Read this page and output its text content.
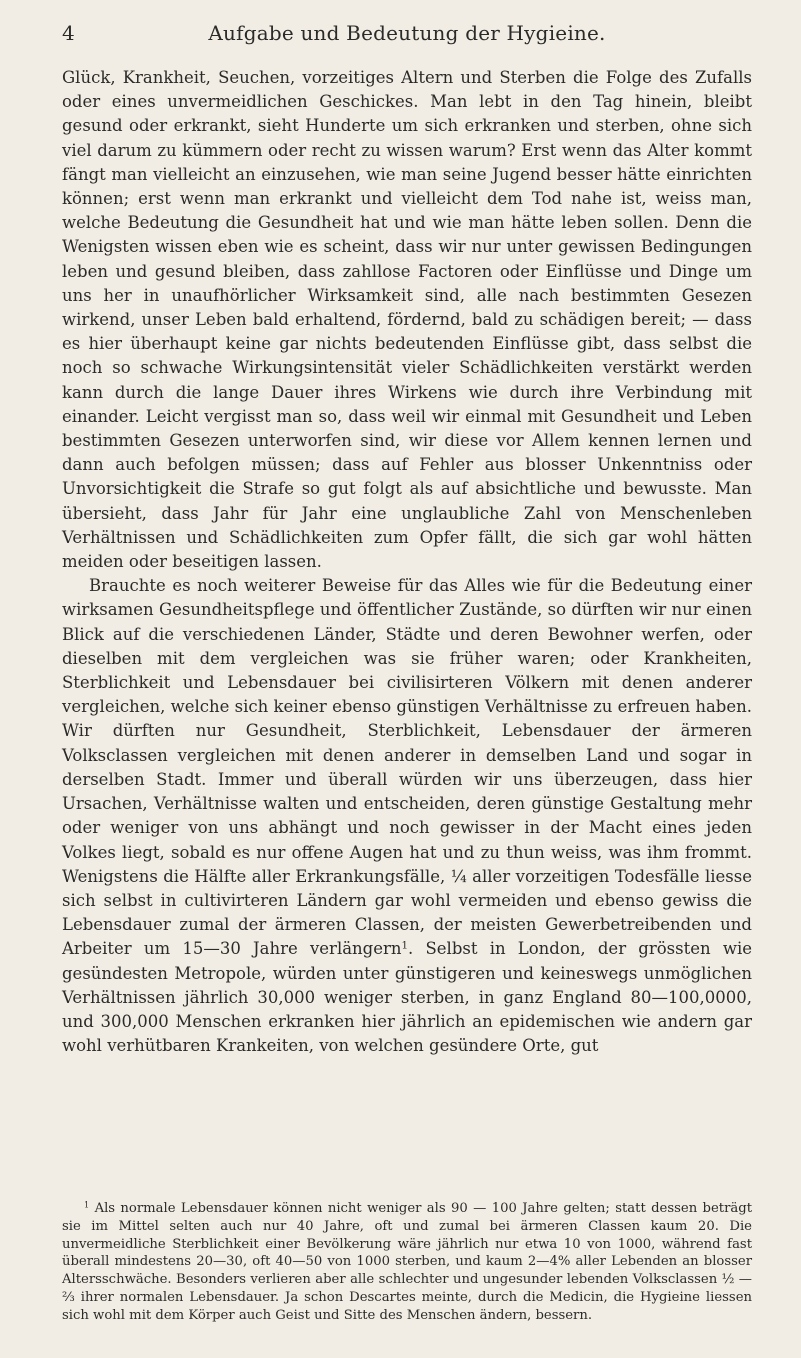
4	Aufgabe und Bedeutung der Hygieine.

Glück, Krankheit, Seuchen, vorzeitiges Altern und Sterben die Folge des Zufalls oder eines unvermeidlichen Geschickes. Man lebt in den Tag hinein, bleibt gesund oder erkrankt, sieht Hunderte um sich erkranken und sterben, ohne sich viel darum zu kümmern oder recht zu wissen warum? Erst wenn das Alter kommt fängt man vielleicht an einzusehen, wie man seine Jugend besser hätte einrichten können; erst wenn man erkrankt und vielleicht dem Tod nahe ist, weiss man, welche Bedeutung die Gesundheit hat und wie man hätte leben sollen. Denn die Wenigsten wissen eben wie es scheint, dass wir nur unter gewissen Bedingungen leben und gesund bleiben, dass zahllose Factoren oder Einflüsse und Dinge um uns her in unaufhörlicher Wirksamkeit sind, alle nach bestimmten Gesezen wirkend, unser Leben bald erhaltend, fördernd, bald zu schädigen bereit; — dass es hier überhaupt keine gar nichts bedeutenden Einflüsse gibt, dass selbst die noch so schwache Wirkungsintensität vieler Schädlichkeiten verstärkt werden kann durch die lange Dauer ihres Wirkens wie durch ihre Verbindung mit einander. Leicht vergisst man so, dass weil wir einmal mit Gesundheit und Leben bestimmten Gesezen unterworfen sind, wir diese vor Allem kennen lernen und dann auch befolgen müssen; dass auf Fehler aus blosser Unkenntniss oder Unvorsichtigkeit die Strafe so gut folgt als auf absichtliche und bewusste. Man übersieht, dass Jahr für Jahr eine unglaubliche Zahl von Menschenleben Verhältnissen und Schädlichkeiten zum Opfer fällt, die sich gar wohl hätten meiden oder beseitigen lassen.

Brauchte es noch weiterer Beweise für das Alles wie für die Bedeutung einer wirksamen Gesundheitspflege und öffentlicher Zustände, so dürften wir nur einen Blick auf die verschiedenen Länder, Städte und deren Bewohner werfen, oder dieselben mit dem vergleichen was sie früher waren; oder Krankheiten, Sterblichkeit und Lebensdauer bei civilisirteren Völkern mit denen anderer vergleichen, welche sich keiner ebenso günstigen Verhältnisse zu erfreuen haben. Wir dürften nur Gesundheit, Sterblichkeit, Lebensdauer der ärmeren Volksclassen vergleichen mit denen anderer in demselben Land und sogar in derselben Stadt. Immer und überall würden wir uns überzeugen, dass hier Ursachen, Verhältnisse walten und entscheiden, deren günstige Gestaltung mehr oder weniger von uns abhängt und noch gewisser in der Macht eines jeden Volkes liegt, sobald es nur offene Augen hat und zu thun weiss, was ihm frommt. Wenigstens die Hälfte aller Erkrankungsfälle, ¼ aller vorzeitigen Todesfälle liesse sich selbst in cultivirteren Ländern gar wohl vermeiden und ebenso gewiss die Lebensdauer zumal der ärmeren Classen, der meisten Gewerbetreibenden und Arbeiter um 15—30 Jahre verlängern$^1$. Selbst in London, der grössten wie gesündesten Metropole, würden unter günstigeren und keineswegs unmöglichen Verhältnissen jährlich 30,000 weniger sterben, in ganz England 80—100,0000, und 300,000 Menschen erkranken hier jährlich an epidemischen wie andern gar wohl verhütbaren Krankeiten, von welchen gesündere Orte, gut

$^1$ Als normale Lebensdauer können nicht weniger als 90 — 100 Jahre gelten; statt dessen beträgt sie im Mittel selten auch nur 40 Jahre, oft und zumal bei ärmeren Classen kaum 20. Die unvermeidliche Sterblichkeit einer Bevölkerung wäre jährlich nur etwa 10 von 1000, während fast überall mindestens 20—30, oft 40—50 von 1000 sterben, und kaum 2—4% aller Lebenden an blosser Altersschwäche. Besonders verlieren aber alle schlechter und ungesunder lebenden Volksclassen ½ — ⅔ ihrer normalen Lebensdauer. Ja schon Descartes meinte, durch die Medicin, die Hygieine liessen sich wohl mit dem Körper auch Geist und Sitte des Menschen ändern, bessern.
